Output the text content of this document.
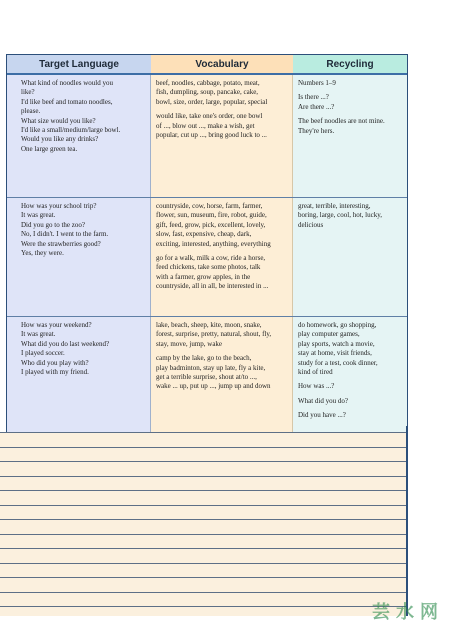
Target Language	Vocabulary	Recycling
What kind of noodles would you
like?
I'd like beef and tomato noodles,
please.
What size would you like?
I'd like a small/medium/large bowl.
Would you like any drinks?
One large green tea.
beef, noodles, cabbage, potato, meat,
fish, dumpling, soup, pancake, cake,
bowl, size, order, large, popular, special
would like, take one's order, one bowl
of ..., blow out ..., make a wish, get
popular, cut up ..., bring good luck to ...
Numbers 1–9
Is there ...?
Are there ...?
The beef noodles are not mine.
They're hers.
How was your school trip?
It was great.
Did you go to the zoo?
No, I didn't. I went to the farm.
Were the strawberries good?
Yes, they were.
countryside, cow, horse, farm, farmer,
flower, sun, museum, fire, robot, guide,
gift, feed, grow, pick, excellent, lovely,
slow, fast, expensive, cheap, dark,
exciting, interested, anything, everything
go for a walk, milk a cow, ride a horse,
feed chickens, take some photos, talk
with a farmer, grow apples, in the
countryside, all in all, be interested in ...
great, terrible, interesting,
boring, large, cool, hot, lucky,
delicious
How was your weekend?
It was great.
What did you do last weekend?
I played soccer.
Who did you play with?
I played with my friend.
lake, beach, sheep, kite, moon, snake,
forest, surprise, pretty, natural, shout, fly,
stay, move, jump, wake
camp by the lake, go to the beach,
play badminton, stay up late, fly a kite,
get a terrible surprise, shout at/to ...,
wake ... up, put up ..., jump up and down
do homework, go shopping,
play computer games,
play sports, watch a movie,
stay at home, visit friends,
study for a test, cook dinner,
kind of tired
How was ...?
What did you do?
Did you have ...?
芸水网
